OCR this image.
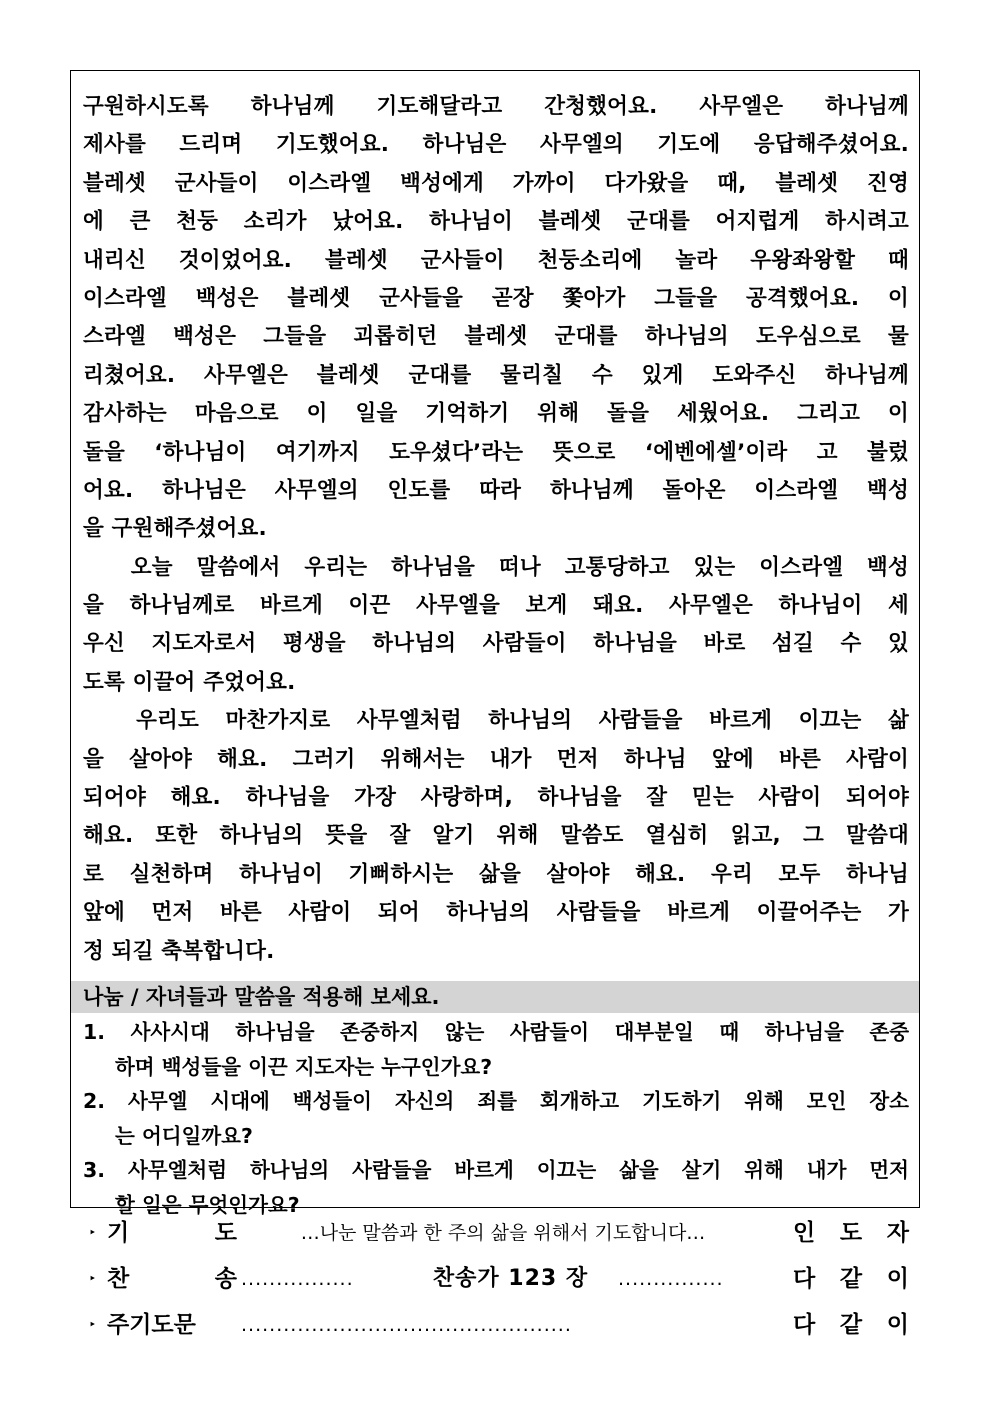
구원하시도록 하나님께 기도해달라고 간청했어요. 사무엘은 하나님께
제사를 드리며 기도했어요. 하나님은 사무엘의 기도에 응답해주셨어요.
블레셋 군사들이 이스라엘 백성에게 가까이 다가왔을 때, 블레셋 진영
에 큰 천둥 소리가 났어요. 하나님이 블레셋 군대를 어지럽게 하시려고
내리신 것이었어요. 블레셋 군사들이 천둥소리에 놀라 우왕좌왕할 때
이스라엘 백성은 블레셋 군사들을 곧장 쫓아가 그들을 공격했어요. 이
스라엘 백성은 그들을 괴롭히던 블레셋 군대를 하나님의 도우심으로 물
리쳤어요. 사무엘은 블레셋 군대를 물리칠 수 있게 도와주신 하나님께
감사하는 마음으로 이 일을 기억하기 위해 돌을 세웠어요. 그리고 이
돌을 ‘하나님이 여기까지 도우셨다’라는 뜻으로 ‘에벤에셀’이라 고 불렀
어요. 하나님은 사무엘의 인도를 따라 하나님께 돌아온 이스라엘 백성
을 구원해주셨어요.
오늘 말씀에서 우리는 하나님을 떠나 고통당하고 있는 이스라엘 백성
을 하나님께로 바르게 이끈 사무엘을 보게 돼요. 사무엘은 하나님이 세
우신 지도자로서 평생을 하나님의 사람들이 하나님을 바로 섬길 수 있
도록 이끌어 주었어요.
우리도 마찬가지로 사무엘처럼 하나님의 사람들을 바르게 이끄는 삶
을 살아야 해요. 그러기 위해서는 내가 먼저 하나님 앞에 바른 사람이
되어야 해요. 하나님을 가장 사랑하며, 하나님을 잘 믿는 사람이 되어야
해요. 또한 하나님의 뜻을 잘 알기 위해 말씀도 열심히 읽고, 그 말씀대
로 실천하며 하나님이 기뻐하시는 삶을 살아야 해요. 우리 모두 하나님
앞에 먼저 바른 사람이 되어 하나님의 사람들을 바르게 이끌어주는 가
정 되길 축복합니다.
나눔 / 자녀들과 말씀을 적용해 보세요.
1. 사사시대 하나님을 존중하지 않는 사람들이 대부분일 때 하나님을 존중
하며 백성들을 이끈 지도자는 누구인가요?
2. 사무엘 시대에 백성들이 자신의 죄를 회개하고 기도하기 위해 모인 장소
는 어디일까요?
3. 사무엘처럼 하나님의 사람들을 바르게 이끄는 삶을 살기 위해 내가 먼저
할 일은 무엇인가요?
‣ 기 도	…나눈 말씀과 한 주의 삶을 위해서 기도합니다…	인 도 자
‣ 찬 송 ................	찬송가 123 장	...............	다 같 이
‣ 주기도문	...............................................	다 같 이
